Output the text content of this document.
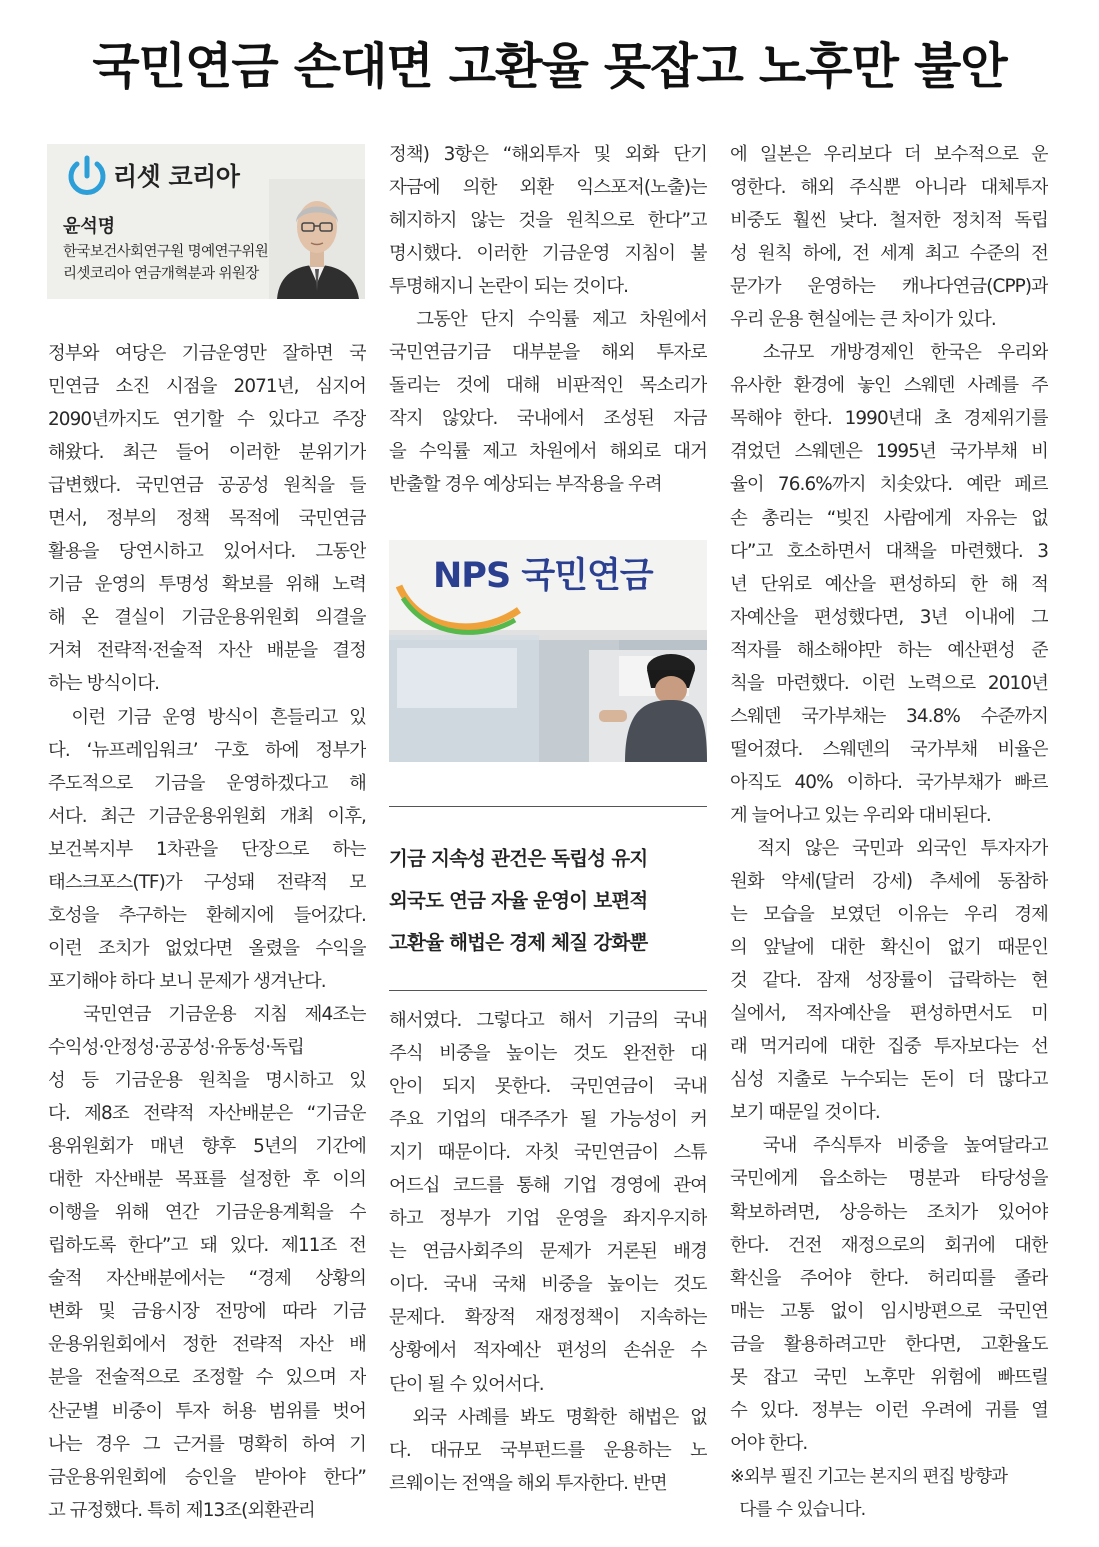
국민연금 손대면 고환율 못잡고 노후만 불안
리셋 코리아
윤석명
한국보건사회연구원 명예연구위원
리셋코리아 연금개혁분과 위원장
정부와 여당은 기금운영만 잘하면 국
민연금 소진 시점을 2071년, 심지어
2090년까지도 연기할 수 있다고 주장
해왔다. 최근 들어 이러한 분위기가
급변했다. 국민연금 공공성 원칙을 들
면서, 정부의 정책 목적에 국민연금
활용을 당연시하고 있어서다. 그동안
기금 운영의 투명성 확보를 위해 노력
해 온 결실이 기금운용위원회 의결을
거쳐 전략적·전술적 자산 배분을 결정
하는 방식이다.
이런 기금 운영 방식이 흔들리고 있
다. ‘뉴프레임워크’ 구호 하에 정부가
주도적으로 기금을 운영하겠다고 해
서다. 최근 기금운용위원회 개최 이후,
보건복지부 1차관을 단장으로 하는
태스크포스(TF)가 구성돼 전략적 모
호성을 추구하는 환헤지에 들어갔다.
이런 조치가 없었다면 올렸을 수익을
포기해야 하다 보니 문제가 생겨난다.
국민연금 기금운용 지침 제4조는
수익성·안정성·공공성·유동성·독립
성 등 기금운용 원칙을 명시하고 있
다. 제8조 전략적 자산배분은 “기금운
용위원회가 매년 향후 5년의 기간에
대한 자산배분 목표를 설정한 후 이의
이행을 위해 연간 기금운용계획을 수
립하도록 한다”고 돼 있다. 제11조 전
술적 자산배분에서는 “경제 상황의
변화 및 금융시장 전망에 따라 기금
운용위원회에서 정한 전략적 자산 배
분을 전술적으로 조정할 수 있으며 자
산군별 비중이 투자 허용 범위를 벗어
나는 경우 그 근거를 명확히 하여 기
금운용위원회에 승인을 받아야 한다”
고 규정했다. 특히 제13조(외환관리
정책) 3항은 “해외투자 및 외화 단기
자금에 의한 외환 익스포저(노출)는
헤지하지 않는 것을 원칙으로 한다”고
명시했다. 이러한 기금운영 지침이 불
투명해지니 논란이 되는 것이다.
그동안 단지 수익률 제고 차원에서
국민연금기금 대부분을 해외 투자로
돌리는 것에 대해 비판적인 목소리가
작지 않았다. 국내에서 조성된 자금
을 수익률 제고 차원에서 해외로 대거
반출할 경우 예상되는 부작용을 우려
NPS 국민연금
기금 지속성 관건은 독립성 유지
외국도 연금 자율 운영이 보편적
고환율 해법은 경제 체질 강화뿐
해서였다. 그렇다고 해서 기금의 국내
주식 비중을 높이는 것도 완전한 대
안이 되지 못한다. 국민연금이 국내
주요 기업의 대주주가 될 가능성이 커
지기 때문이다. 자칫 국민연금이 스튜
어드십 코드를 통해 기업 경영에 관여
하고 정부가 기업 운영을 좌지우지하
는 연금사회주의 문제가 거론된 배경
이다. 국내 국채 비중을 높이는 것도
문제다. 확장적 재정정책이 지속하는
상황에서 적자예산 편성의 손쉬운 수
단이 될 수 있어서다.
외국 사례를 봐도 명확한 해법은 없
다. 대규모 국부펀드를 운용하는 노
르웨이는 전액을 해외 투자한다. 반면
에 일본은 우리보다 더 보수적으로 운
영한다. 해외 주식뿐 아니라 대체투자
비중도 훨씬 낮다. 철저한 정치적 독립
성 원칙 하에, 전 세계 최고 수준의 전
문가가 운영하는 캐나다연금(CPP)과
우리 운용 현실에는 큰 차이가 있다.
소규모 개방경제인 한국은 우리와
유사한 환경에 놓인 스웨덴 사례를 주
목해야 한다. 1990년대 초 경제위기를
겪었던 스웨덴은 1995년 국가부채 비
율이 76.6%까지 치솟았다. 예란 페르
손 총리는 “빚진 사람에게 자유는 없
다”고 호소하면서 대책을 마련했다. 3
년 단위로 예산을 편성하되 한 해 적
자예산을 편성했다면, 3년 이내에 그
적자를 해소해야만 하는 예산편성 준
칙을 마련했다. 이런 노력으로 2010년
스웨덴 국가부채는 34.8% 수준까지
떨어졌다. 스웨덴의 국가부채 비율은
아직도 40% 이하다. 국가부채가 빠르
게 늘어나고 있는 우리와 대비된다.
적지 않은 국민과 외국인 투자자가
원화 약세(달러 강세) 추세에 동참하
는 모습을 보였던 이유는 우리 경제
의 앞날에 대한 확신이 없기 때문인
것 같다. 잠재 성장률이 급락하는 현
실에서, 적자예산을 편성하면서도 미
래 먹거리에 대한 집중 투자보다는 선
심성 지출로 누수되는 돈이 더 많다고
보기 때문일 것이다.
국내 주식투자 비중을 높여달라고
국민에게 읍소하는 명분과 타당성을
확보하려면, 상응하는 조치가 있어야
한다. 건전 재정으로의 회귀에 대한
확신을 주어야 한다. 허리띠를 졸라
매는 고통 없이 임시방편으로 국민연
금을 활용하려고만 한다면, 고환율도
못 잡고 국민 노후만 위험에 빠뜨릴
수 있다. 정부는 이런 우려에 귀를 열
어야 한다.
※외부 필진 기고는 본지의 편집 방향과
다를 수 있습니다.
